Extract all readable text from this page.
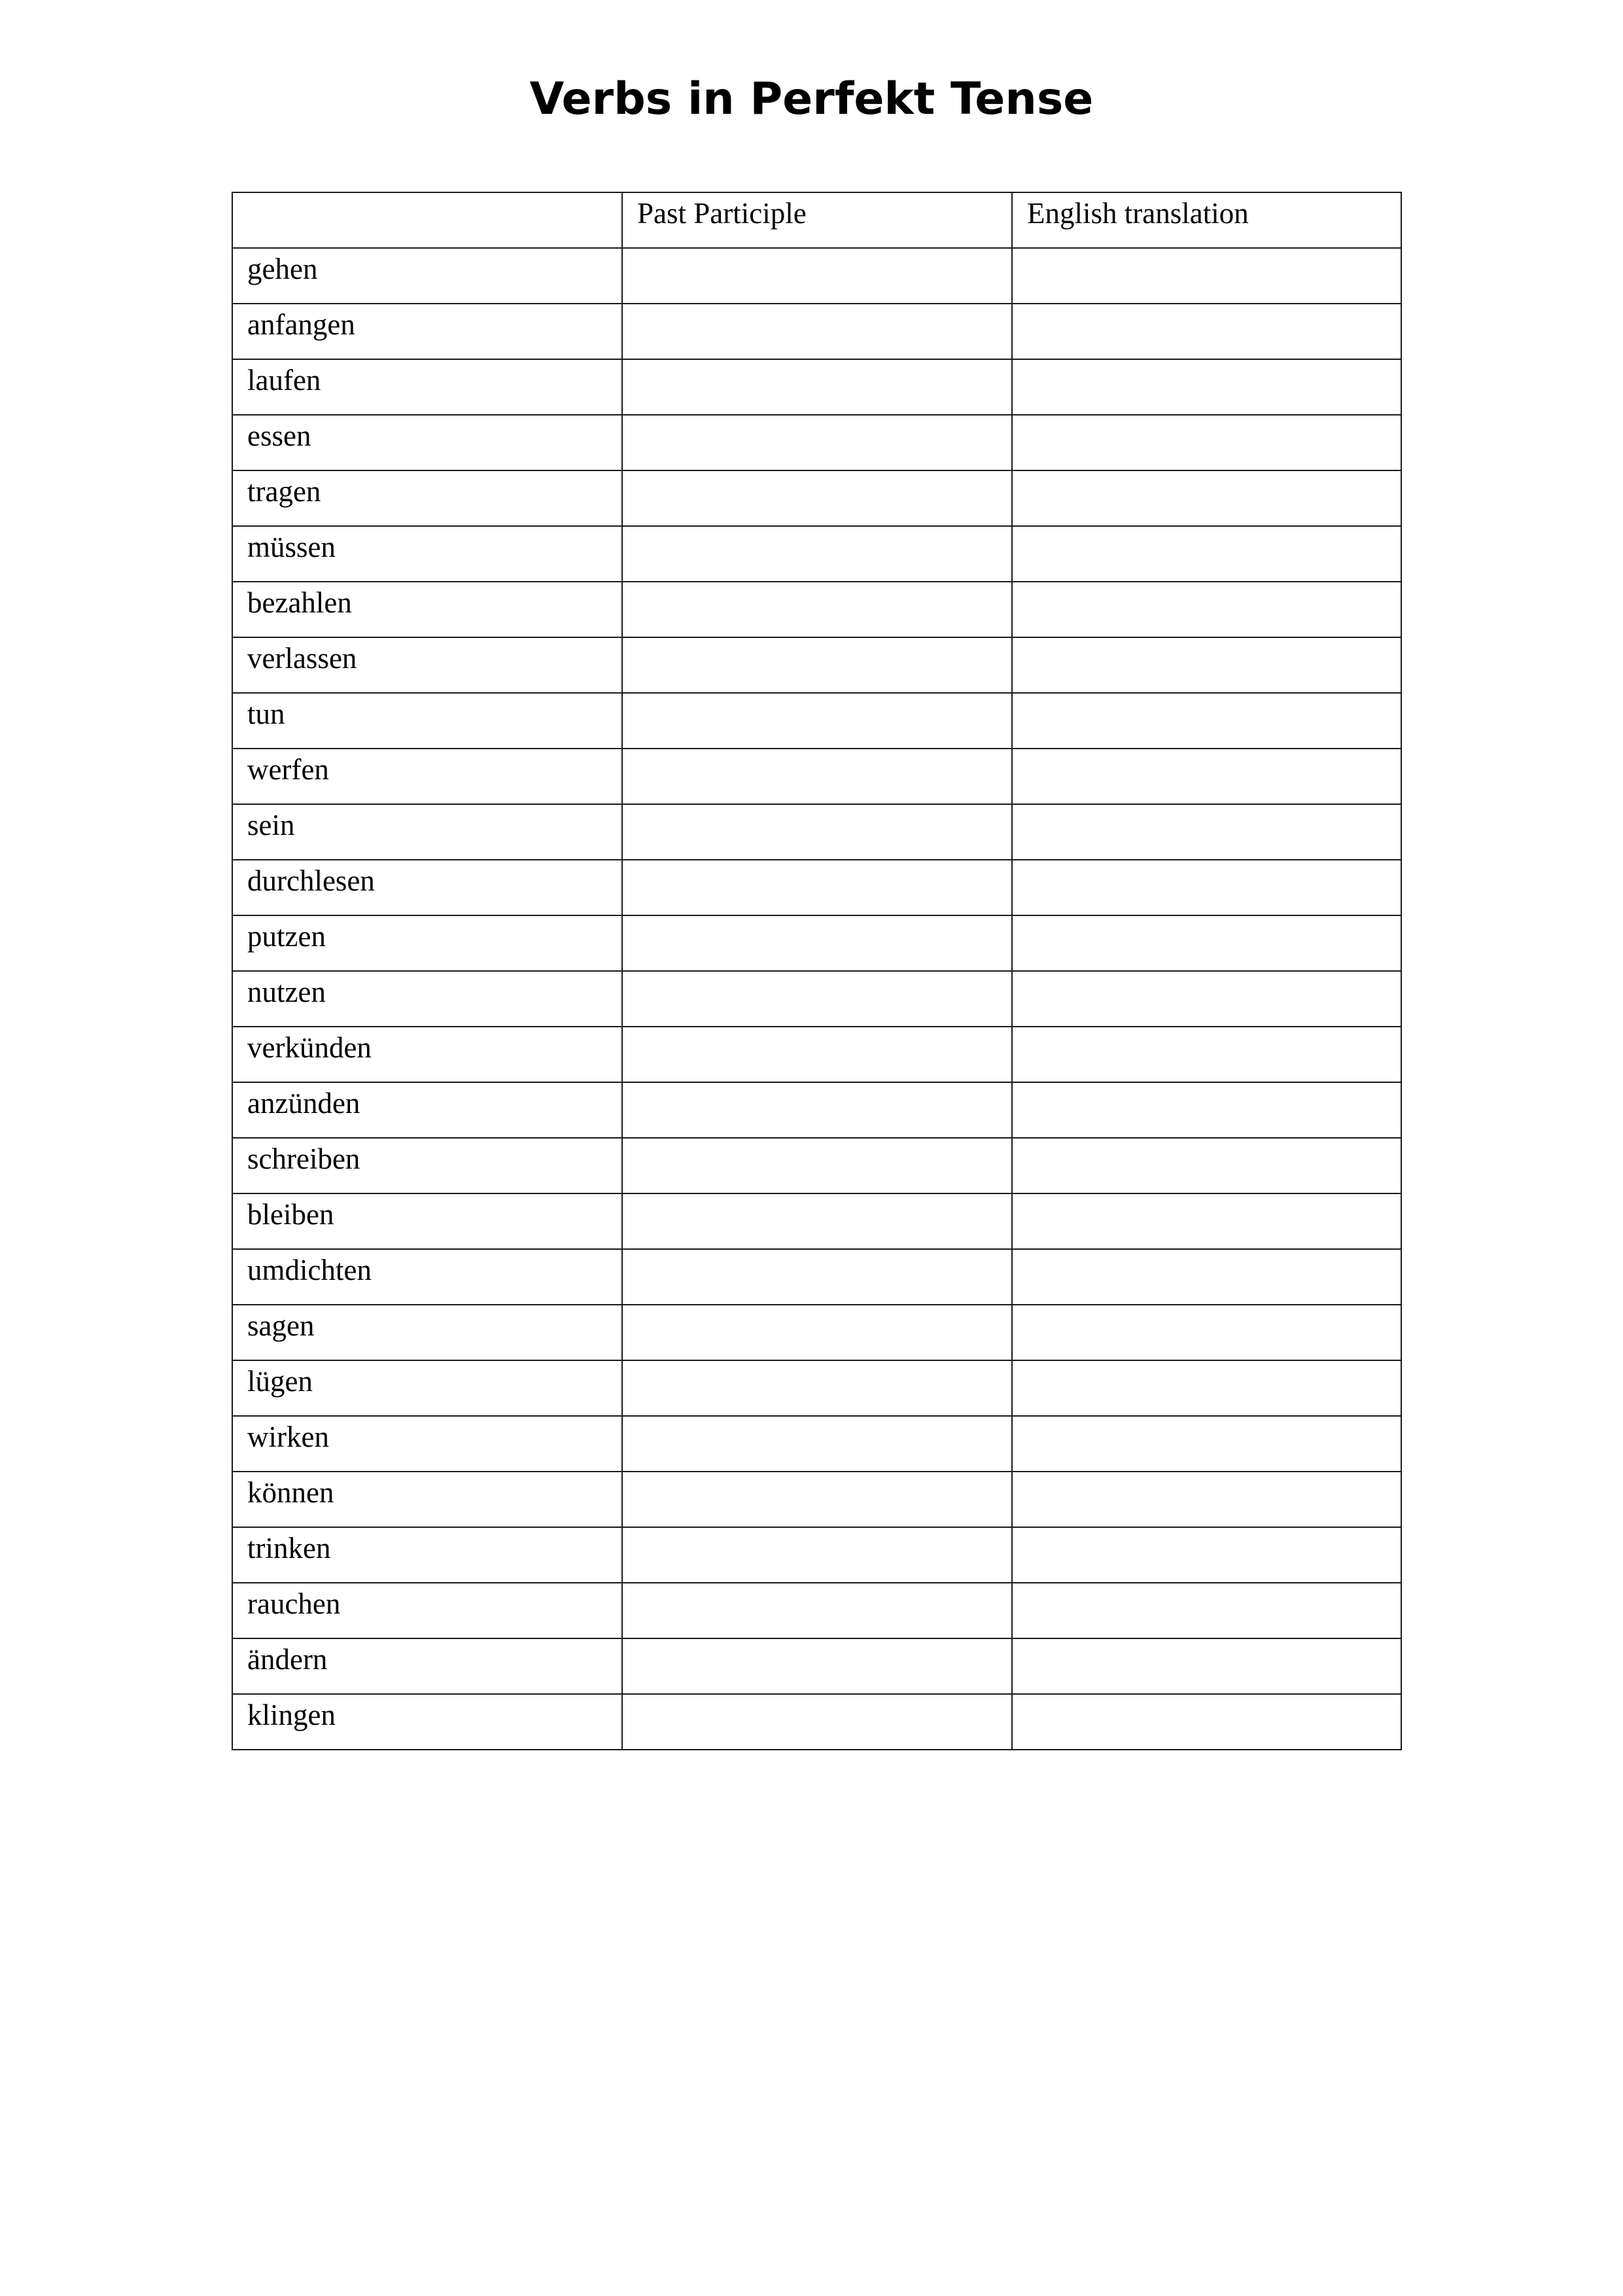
Verbs in Perfekt Tense
	Past Participle	English translation
gehen		
anfangen		
laufen		
essen		
tragen		
müssen		
bezahlen		
verlassen		
tun		
werfen		
sein		
durchlesen		
putzen		
nutzen		
verkünden		
anzünden		
schreiben		
bleiben		
umdichten		
sagen		
lügen		
wirken		
können		
trinken		
rauchen		
ändern		
klingen		
